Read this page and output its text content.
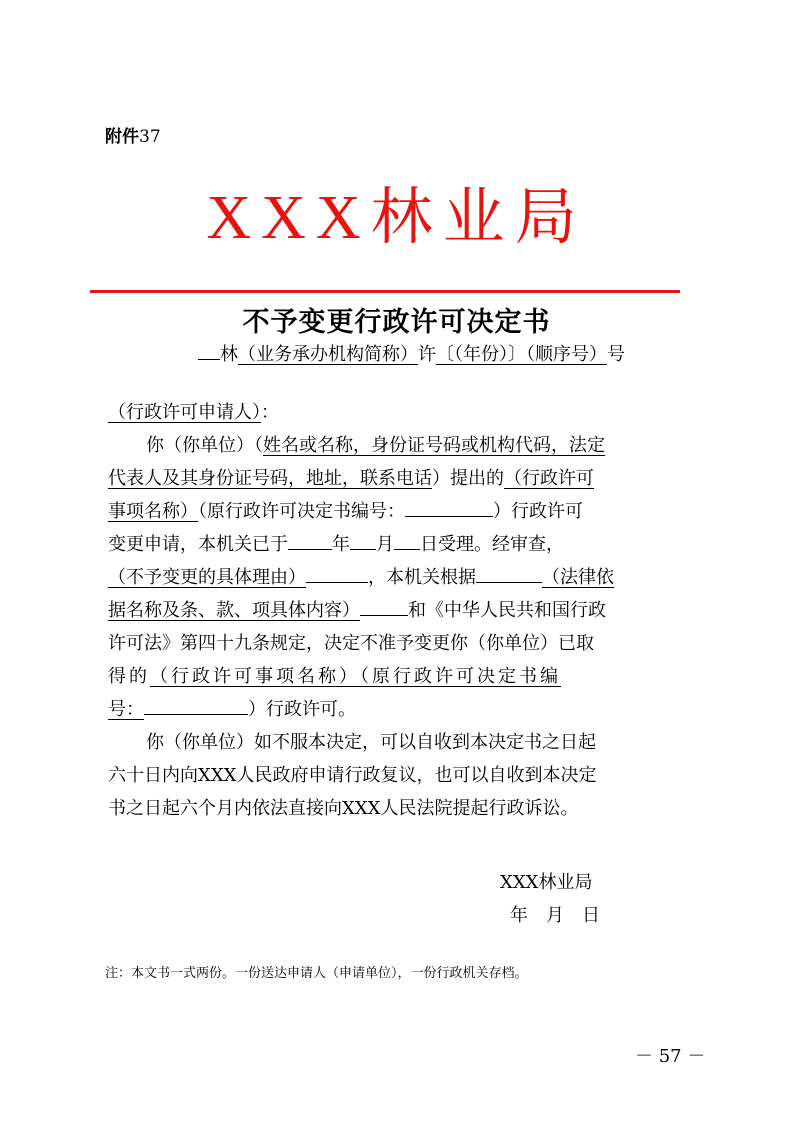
附件37
XXX林业局
不予变更行政许可决定书
林（业务承办机构简称）许〔（年份）〕（顺序号）号
（行政许可申请人）：
你（你单位）（姓名或名称，身份证号码或机构代码，法定
代表人及其身份证号码，地址，联系电话）提出的（行政许可
事项名称）（原行政许可决定书编号：	）行政许可
变更申请，本机关已于 年 月 日受理。经审查，
（不予变更的具体理由）	，本机关根据	（法律依
据名称及条、款、项具体内容）	和《中华人民共和国行政
许可法》第四十九条规定，决定不准予变更你（你单位）已取
得的（行政许可事项名称）（原行政许可决定书编
号：	）行政许可。
你（你单位）如不服本决定，可以自收到本决定书之日起
六十日内向XXX人民政府申请行政复议，也可以自收到本决定
书之日起六个月内依法直接向XXX人民法院提起行政诉讼。
XXX林业局
年　月　日
注：本文书一式两份。一份送达申请人（申请单位），一份行政机关存档。
－ 57 －
